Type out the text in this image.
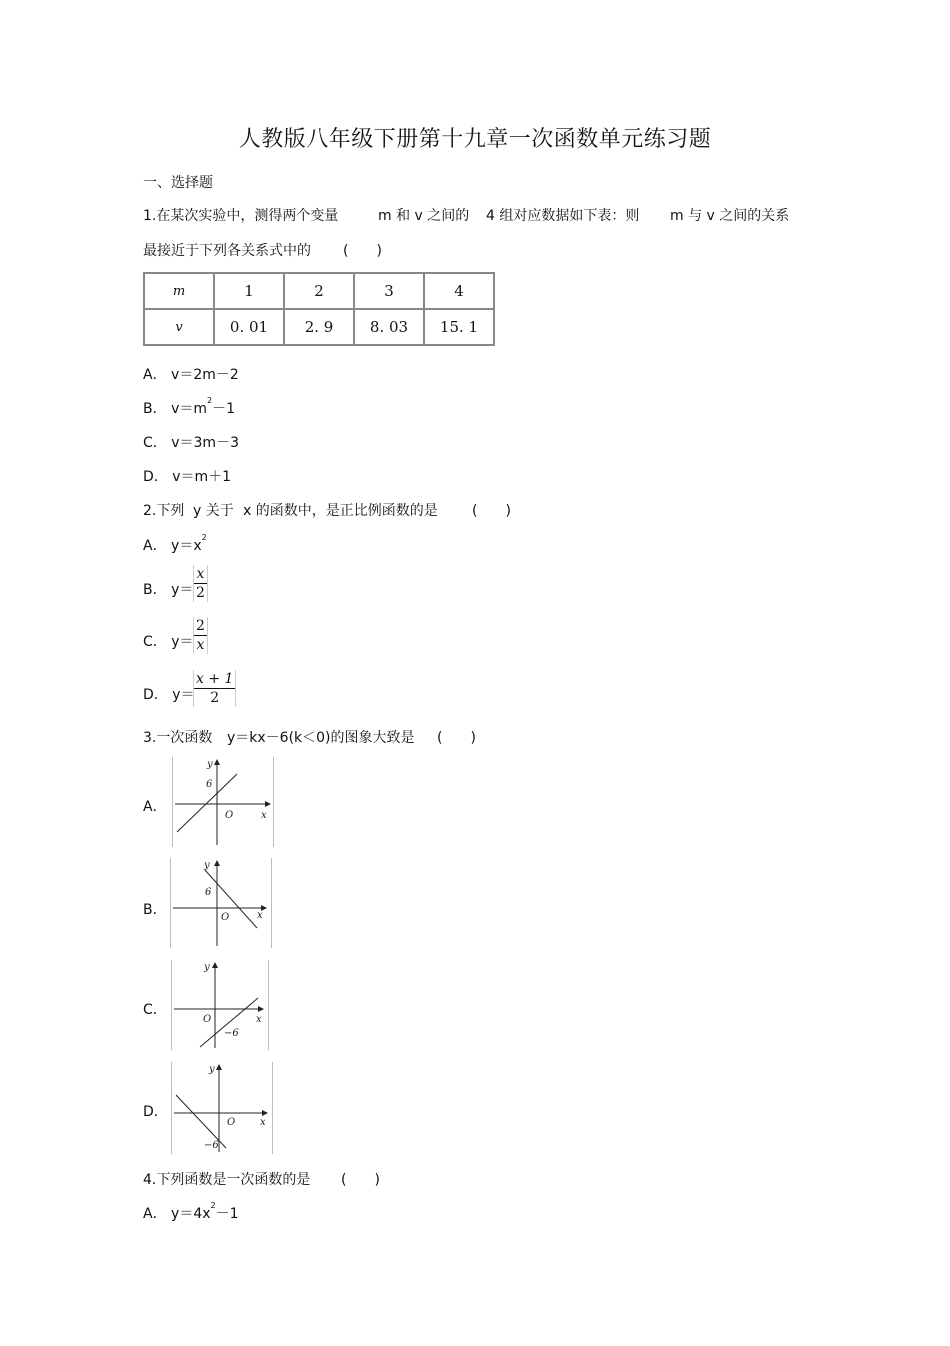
人教版八年级下册第十九章一次函数单元练习题
一、选择题
1.在某次实验中，测得两个变量	m 和 v 之间的 4 组对应数据如下表：则 m 与 v 之间的关系
最接近于下列各关系式中的 (　　)
m	1	2	3	4
v	0. 01	2. 9	8. 03	15. 1
A． v＝2m－2
B． $v=m^2-1$
C． v＝3m－3
D． v＝m＋1
2.下列 y 关于 x 的函数中，是正比例函数的是 (　　)
A． $y=x^2$
B． $y= \frac{x}{2}$
C． $y= \frac{2}{x}$
D． y＝
$\frac{x + 1}{2}$
3.一次函数 y＝kx－6(k＜0)的图象大致是 (　　)
A．
y
x
O
6
B．
y
x
O
6
C．
y
x
O
−6
D．
y
x
O
−6
4.下列函数是一次函数的是 (　　)
A． $y=4x^2-1$
